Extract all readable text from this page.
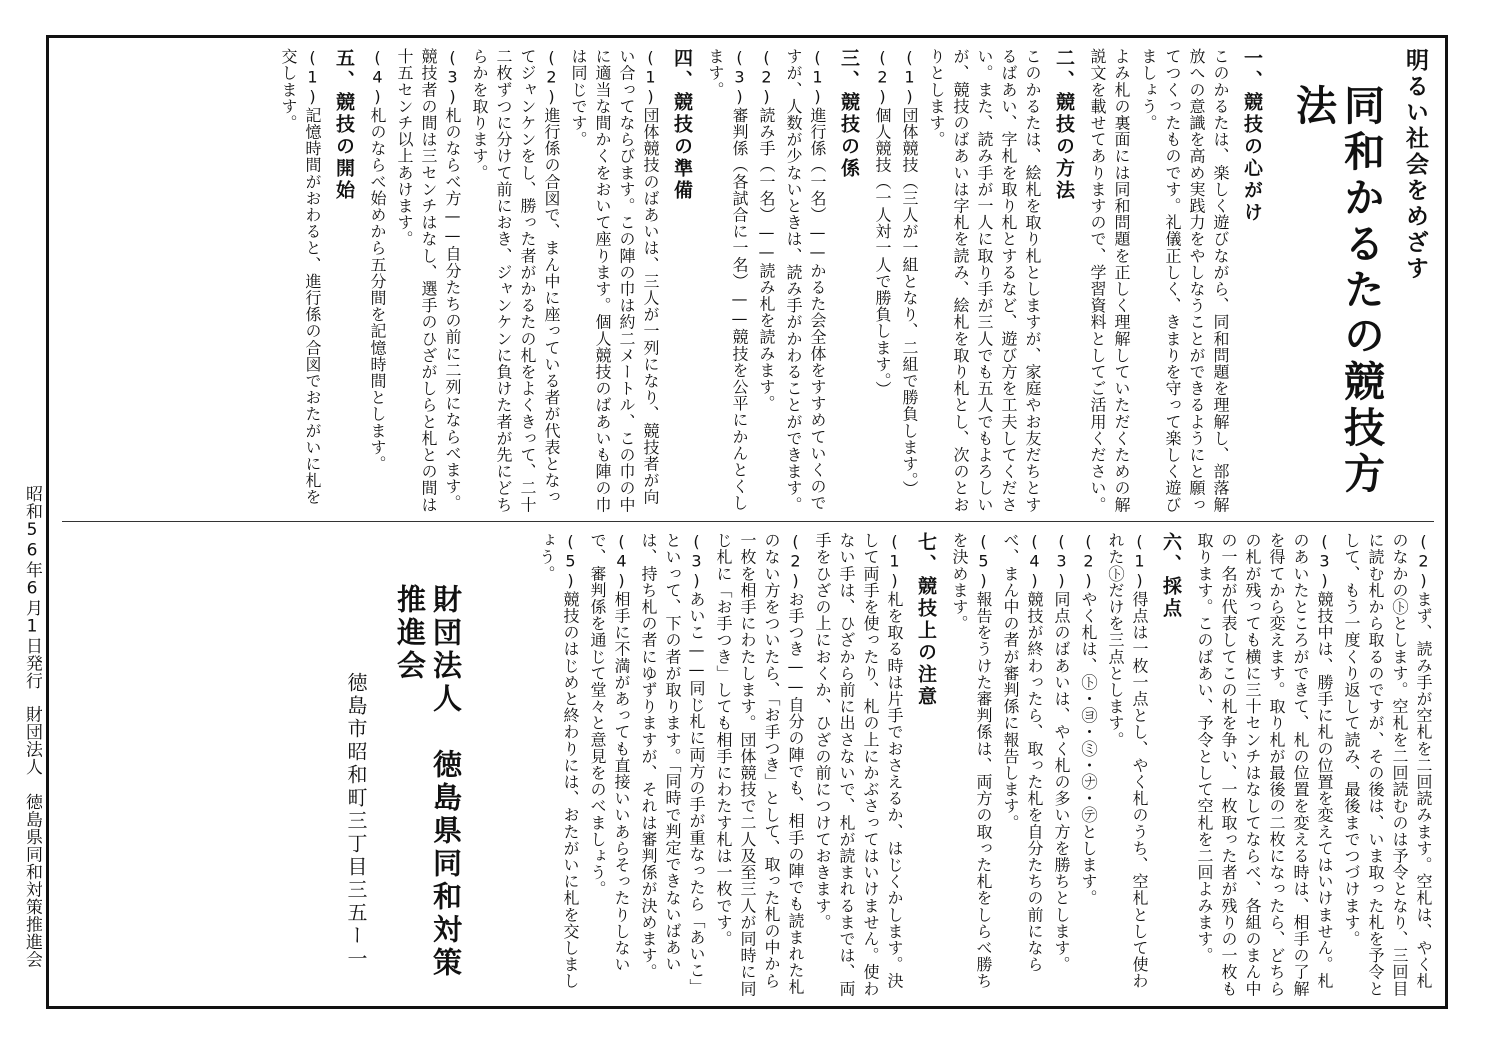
明るい社会をめざす
同和かるたの競技方法
一、競技の心がけ
このかるたは、楽しく遊びながら、同和問題を理解し、部落解放への意識を高め実践力をやしなうことができるようにと願ってつくったものです。礼儀正しく、きまりを守って楽しく遊びましょう。
よみ札の裏面には同和問題を正しく理解していただくための解説文を載せてありますので、学習資料としてご活用ください。
二、競技の方法
このかるたは、絵札を取り札としますが、家庭やお友だちとするばあい、字札を取り札とするなど、遊び方を工夫してください。また、読み手が一人に取り手が三人でも五人でもよろしいが、競技のばあいは字札を読み、絵札を取り札とし、次のとおりとします。
(1)団体競技（三人が一組となり、二組で勝負します。）
(2)個人競技（一人対一人で勝負します。）
三、競技の係
(1)進行係（一名）——かるた会全体をすすめていくのですが、人数が少ないときは、読み手がかわることができます。
(2)読み手（一名）——読み札を読みます。
(3)審判係（各試合に一名）——競技を公平にかんとくします。
四、競技の準備
(1)団体競技のばあいは、三人が一列になり、競技者が向い合ってならびます。この陣の巾は約二メートル、この巾の中に適当な間かくをおいて座ります。個人競技のばあいも陣の巾は同じです。
(2)進行係の合図で、まん中に座っている者が代表となってジャンケンをし、勝った者がかるたの札をよくきって、二十二枚ずつに分けて前におき、ジャンケンに負けた者が先にどちらかを取ります。
(3)札のならべ方——自分たちの前に二列にならべます。競技者の間は三センチはなし、選手のひざがしらと札との間は十五センチ以上あけます。
(4)札のならべ始めから五分間を記憶時間とします。
五、競技の開始
(1)記憶時間がおわると、進行係の合図でおたがいに札を交します。
(2)まず、読み手が空札を二回読みます。空札は、やく札のなかの㋣とします。空札を二回読むのは予令となり、三回目に読む札から取るのですが、その後は、いま取った札を予令として、もう一度くり返して読み、最後までつづけます。
(3)競技中は、勝手に札の位置を変えてはいけません。札のあいたところができて、札の位置を変える時は、相手の了解を得てから変えます。取り札が最後の二枚になったら、どちらの札が残っても横に三十センチはなしてならべ、各組のまん中の一名が代表してこの札を争い、一枚取った者が残りの一枚も取ります。このばあい、予令として空札を二回よみます。
六、採点
(1)得点は一枚一点とし、やく札のうち、空札として使われた㋣だけを三点とします。
(2)やく札は、㋣・㋵・㋯・㋤・㋢とします。
(3)同点のばあいは、やく札の多い方を勝ちとします。
(4)競技が終わったら、取った札を自分たちの前にならべ、まん中の者が審判係に報告します。
(5)報告をうけた審判係は、両方の取った札をしらべ勝ちを決めます。
七、競技上の注意
(1)札を取る時は片手でおさえるか、はじくかします。決して両手を使ったり、札の上にかぶさってはいけません。使わない手は、ひざから前に出さないで、札が読まれるまでは、両手をひざの上におくか、ひざの前につけておきます。
(2)お手つき——自分の陣でも、相手の陣でも読まれた札のない方をついたら、「お手つき」として、取った札の中から一枚を相手にわたします。団体競技で二人及至三人が同時に同じ札に「お手つき」しても相手にわたす札は一枚です。
(3)あいこ——同じ札に両方の手が重なったら「あいこ」といって、下の者が取ります。「同時で判定できないばあいは、持ち札の者にゆずりますが、それは審判係が決めます。
(4)相手に不満があっても直接いいあらそったりしないで、審判係を通じて堂々と意見をのべましょう。
(5)競技のはじめと終わりには、おたがいに札を交しましょう。
財団法人　徳島県同和対策推進会
徳島市昭和町三丁目三五ー一
昭和56年6月1日発行財団法人　徳島県同和対策推進会
